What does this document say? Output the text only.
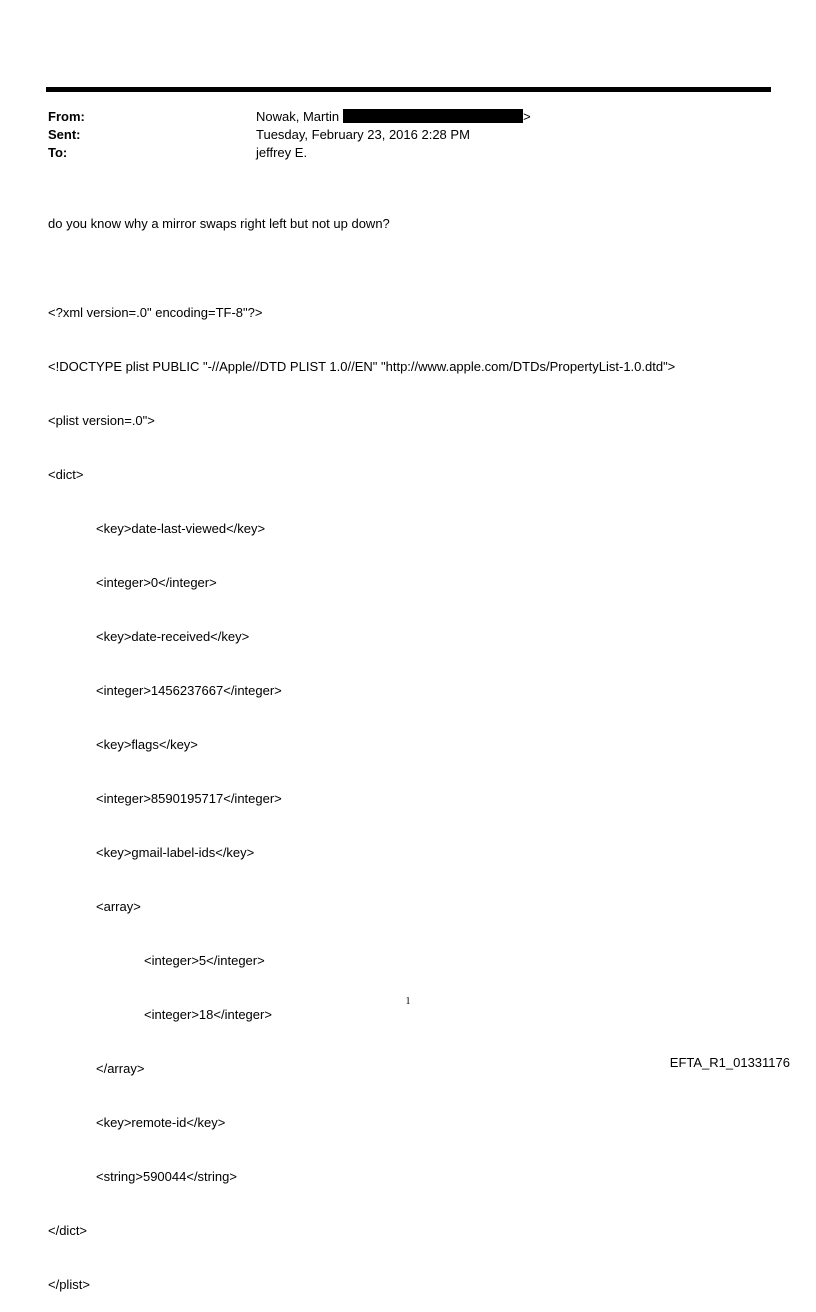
From:	Nowak, Martin	>
Sent:	Tuesday, February 23, 2016 2:28 PM
To:	jeffrey E.
do you know why a mirror swaps right left but not up down?

<?xml version=.0" encoding=TF-8"?>

<!DOCTYPE plist PUBLIC "-//Apple//DTD PLIST 1.0//EN" "http://www.apple.com/DTDs/PropertyList-1.0.dtd">

<plist version=.0">

<dict>

<key>date-last-viewed</key>

<integer>0</integer>

<key>date-received</key>

<integer>1456237667</integer>

<key>flags</key>

<integer>8590195717</integer>

<key>gmail-label-ids</key>

<array>

<integer>5</integer>

<integer>18</integer>

</array>

<key>remote-id</key>

<string>590044</string>

</dict>

</plist>

1
EFTA_R1_01331176
